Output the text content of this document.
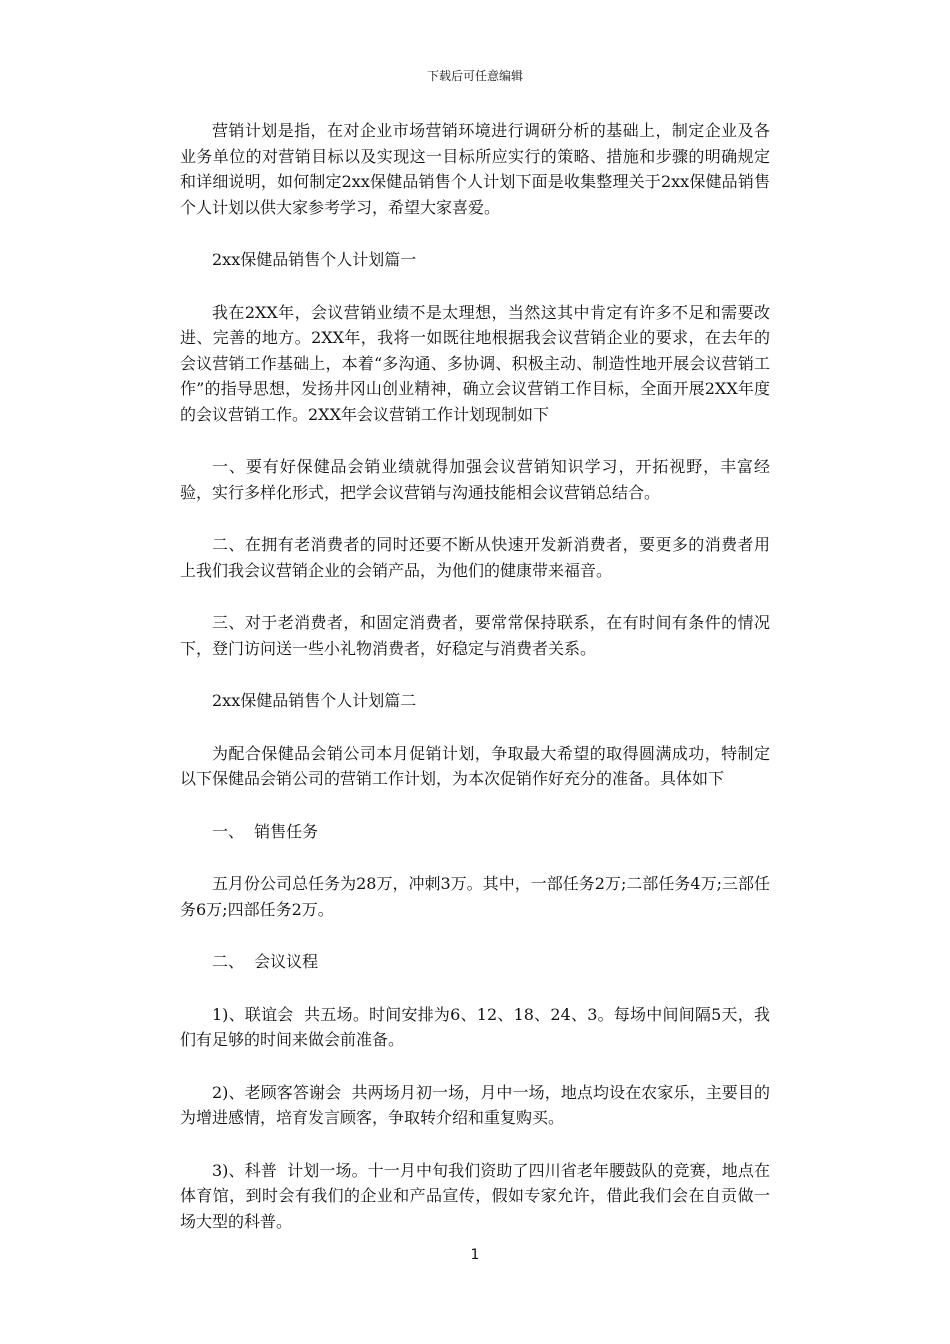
下载后可任意编辑

营销计划是指，在对企业市场营销环境进行调研分析的基础上，制定企业及各业务单位的对营销目标以及实现这一目标所应实行的策略、措施和步骤的明确规定和详细说明，如何制定2xx保健品销售个人计划下面是收集整理关于2xx保健品销售个人计划以供大家参考学习，希望大家喜爱。

2xx保健品销售个人计划篇一

我在2XX年，会议营销业绩不是太理想，当然这其中肯定有许多不足和需要改进、完善的地方。2XX年，我将一如既往地根据我会议营销企业的要求，在去年的会议营销工作基础上，本着“多沟通、多协调、积极主动、制造性地开展会议营销工作”的指导思想，发扬井冈山创业精神，确立会议营销工作目标，全面开展2XX年度的会议营销工作。2XX年会议营销工作计划现制如下

一、要有好保健品会销业绩就得加强会议营销知识学习，开拓视野，丰富经验，实行多样化形式，把学会议营销与沟通技能相会议营销总结合。

二、在拥有老消费者的同时还要不断从快速开发新消费者，要更多的消费者用上我们我会议营销企业的会销产品，为他们的健康带来福音。

三、对于老消费者，和固定消费者，要常常保持联系，在有时间有条件的情况下，登门访问送一些小礼物消费者，好稳定与消费者关系。

2xx保健品销售个人计划篇二

为配合保健品会销公司本月促销计划，争取最大希望的取得圆满成功，特制定以下保健品会销公司的营销工作计划，为本次促销作好充分的准备。具体如下

一、  销售任务

五月份公司总任务为28万，冲刺3万。其中，一部任务2万;二部任务4万;三部任务6万;四部任务2万。

二、  会议议程

1)、联谊会  共五场。时间安排为6、12、18、24、3。每场中间间隔5天，我们有足够的时间来做会前准备。

2)、老顾客答谢会  共两场月初一场，月中一场，地点均设在农家乐，主要目的为增进感情，培育发言顾客，争取转介绍和重复购买。

3)、科普  计划一场。十一月中旬我们资助了四川省老年腰鼓队的竞赛，地点在体育馆，到时会有我们的企业和产品宣传，假如专家允许，借此我们会在自贡做一场大型的科普。

1
